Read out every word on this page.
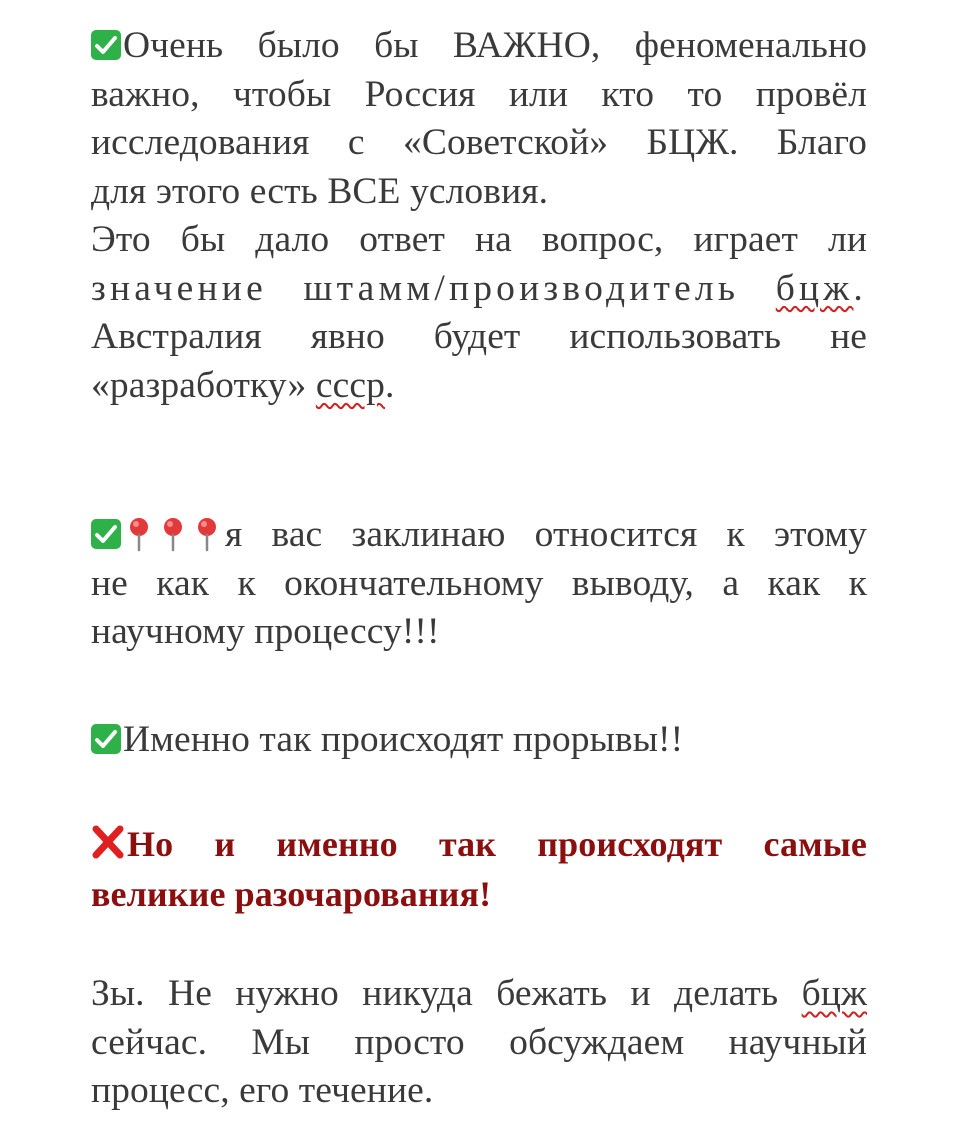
Очень было бы ВАЖНО, феноменально
важно, чтобы Россия или кто то провёл
исследования с «Советской» БЦЖ. Благо
для этого есть ВСЕ условия.
Это бы дало ответ на вопрос, играет ли
значение штамм/производитель бцж.
Австралия явно будет использовать не
«разработку» ссср.
я вас заклинаю относится к этому
не как к окончательному выводу, а как к
научному процессу!!!
Именно так происходят прорывы!!
Но и именно так происходят самые
великие разочарования!
Зы. Не нужно никуда бежать и делать бцж
сейчас. Мы просто обсуждаем научный
процесс, его течение.
